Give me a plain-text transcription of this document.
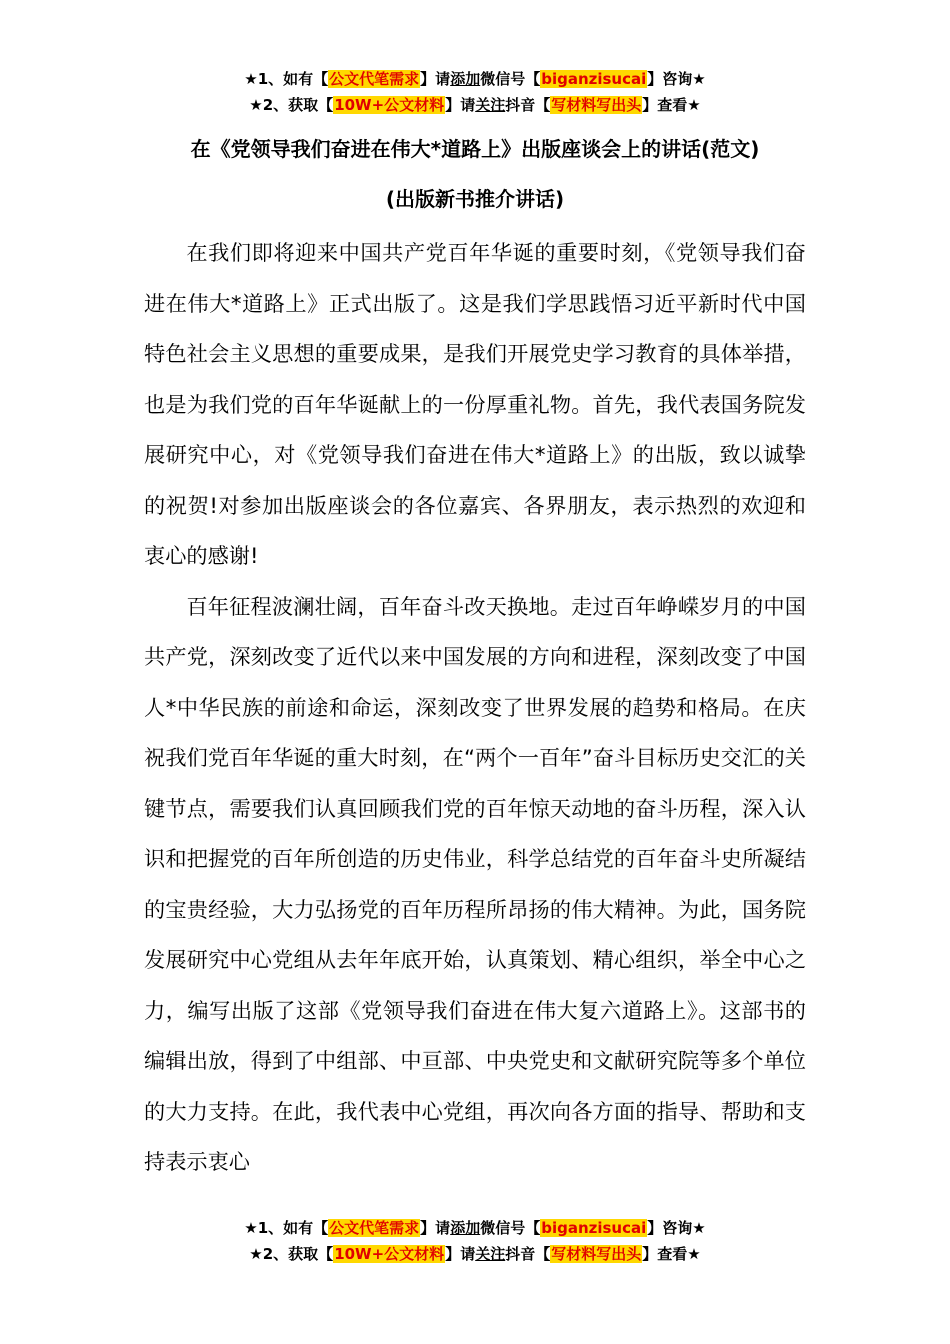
★1、如有【公文代笔需求】请添加微信号【biganzisucai】咨询★
★2、获取【10W+公文材料】请关注抖音【写材料写出头】查看★
在《党领导我们奋进在伟大*道路上》出版座谈会上的讲话(范文)
(出版新书推介讲话)

在我们即将迎来中国共产党百年华诞的重要时刻，《党领导我们奋进在伟大*道路上》正式出版了。这是我们学思践悟习近平新时代中国特色社会主义思想的重要成果，是我们开展党史学习教育的具体举措，也是为我们党的百年华诞献上的一份厚重礼物。首先，我代表国务院发展研究中心，对《党领导我们奋进在伟大*道路上》的出版，致以诚挚的祝贺!对参加出版座谈会的各位嘉宾、各界朋友，表示热烈的欢迎和衷心的感谢!

百年征程波澜壮阔，百年奋斗改天换地。走过百年峥嵘岁月的中国共产党，深刻改变了近代以来中国发展的方向和进程，深刻改变了中国人*中华民族的前途和命运，深刻改变了世界发展的趋势和格局。在庆祝我们党百年华诞的重大时刻，在“两个一百年”奋斗目标历史交汇的关键节点，需要我们认真回顾我们党的百年惊天动地的奋斗历程，深入认识和把握党的百年所创造的历史伟业，科学总结党的百年奋斗史所凝结的宝贵经验，大力弘扬党的百年历程所昂扬的伟大精神。为此，国务院发展研究中心党组从去年年底开始，认真策划、精心组织，举全中心之力，编写出版了这部《党领导我们奋进在伟大复六道路上》。这部书的编辑出放，得到了中组部、中亘部、中央党史和文献研究院等多个单位的大力支持。在此，我代表中心党组，再次向各方面的指导、帮助和支持表示衷心

★1、如有【公文代笔需求】请添加微信号【biganzisucai】咨询★
★2、获取【10W+公文材料】请关注抖音【写材料写出头】查看★
